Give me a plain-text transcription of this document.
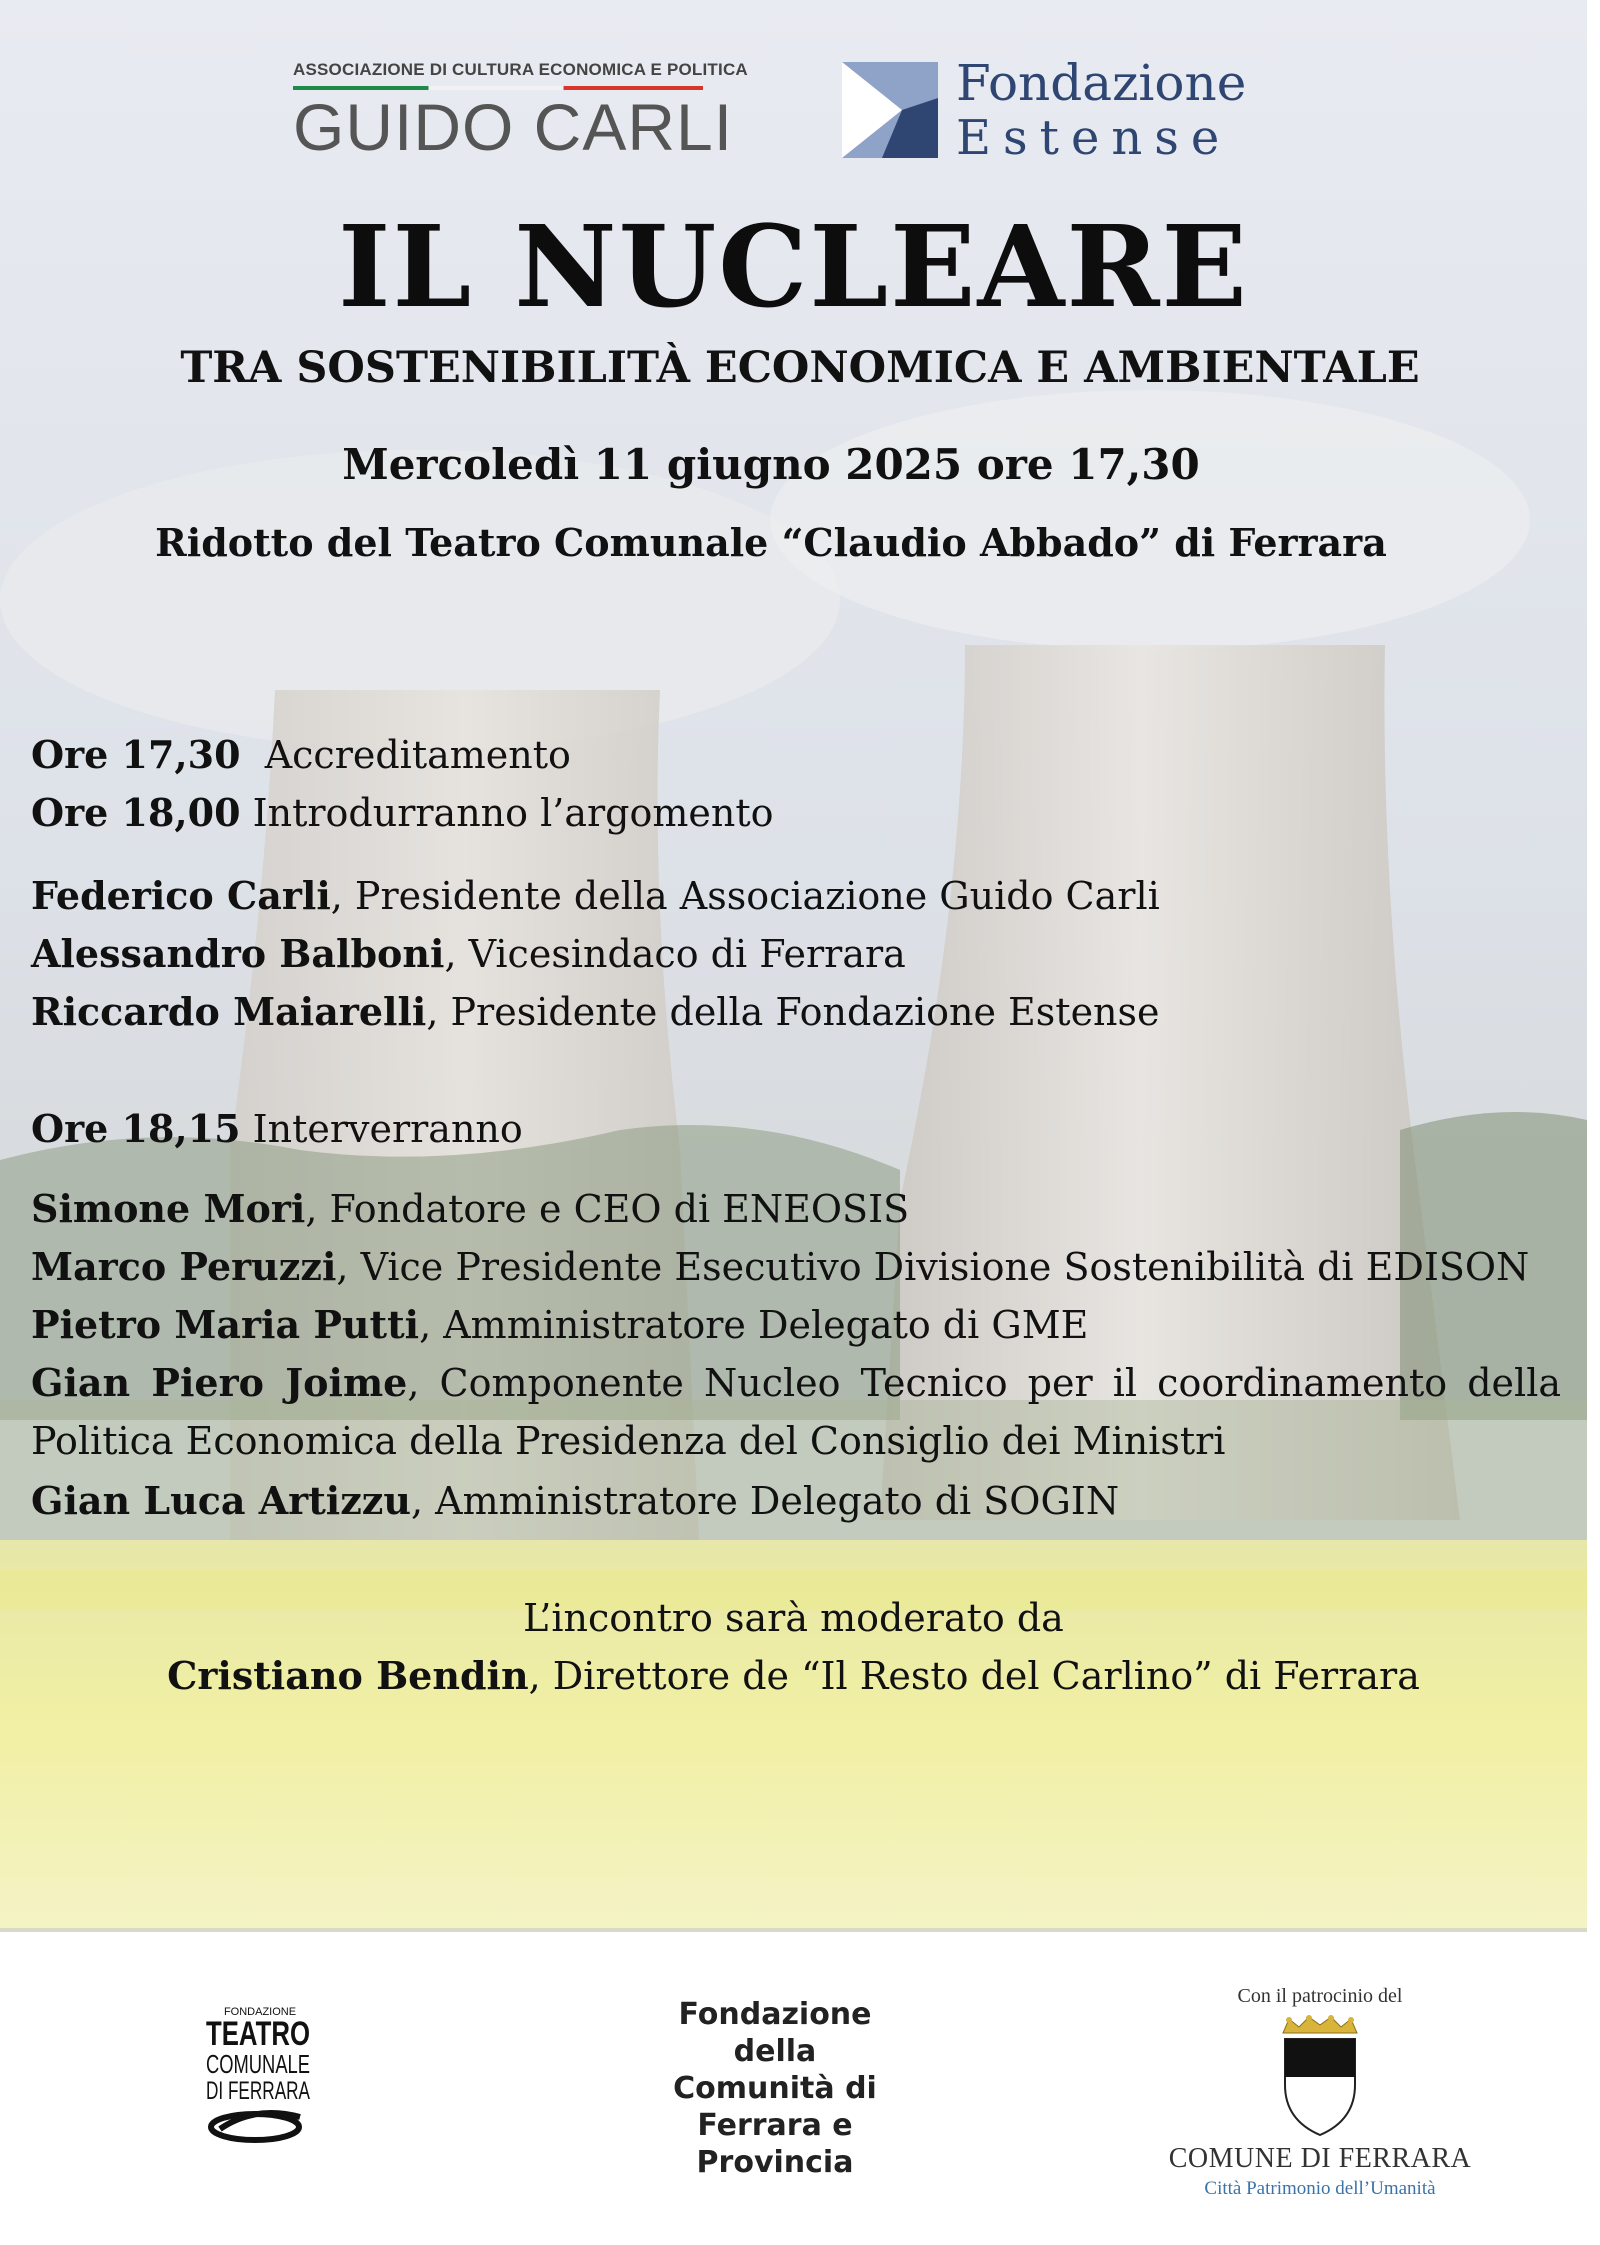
ASSOCIAZIONE DI CULTURA ECONOMICA E POLITICA
GUIDO CARLI
Fondazione
Estense
IL NUCLEARE
TRA SOSTENIBILITÀ ECONOMICA E AMBIENTALE
Mercoledì 11 giugno 2025 ore 17,30
Ridotto del Teatro Comunale “Claudio Abbado” di Ferrara
Ore 17,30  Accreditamento
Ore 18,00 Introdurranno l’argomento
Federico Carli, Presidente della Associazione Guido Carli
Alessandro Balboni, Vicesindaco di Ferrara
Riccardo Maiarelli, Presidente della Fondazione Estense
Ore 18,15 Interverranno
Simone Mori, Fondatore e CEO di ENEOSIS
Marco Peruzzi, Vice Presidente Esecutivo Divisione Sostenibilità di EDISON
Pietro Maria Putti, Amministratore Delegato di GME
Gian Piero Joime, Componente Nucleo Tecnico per il coordinamento della Politica Economica della Presidenza del Consiglio dei Ministri
Gian Luca Artizzu, Amministratore Delegato di SOGIN
L’incontro sarà moderato da
Cristiano Bendin, Direttore de “Il Resto del Carlino” di Ferrara
FONDAZIONE
TEATRO
COMUNALE
DI FERRARA
Fondazione
della
Comunità di
Ferrara e
Provincia
Con il patrocinio del
COMUNE DI FERRARA
Città Patrimonio dell’Umanità
